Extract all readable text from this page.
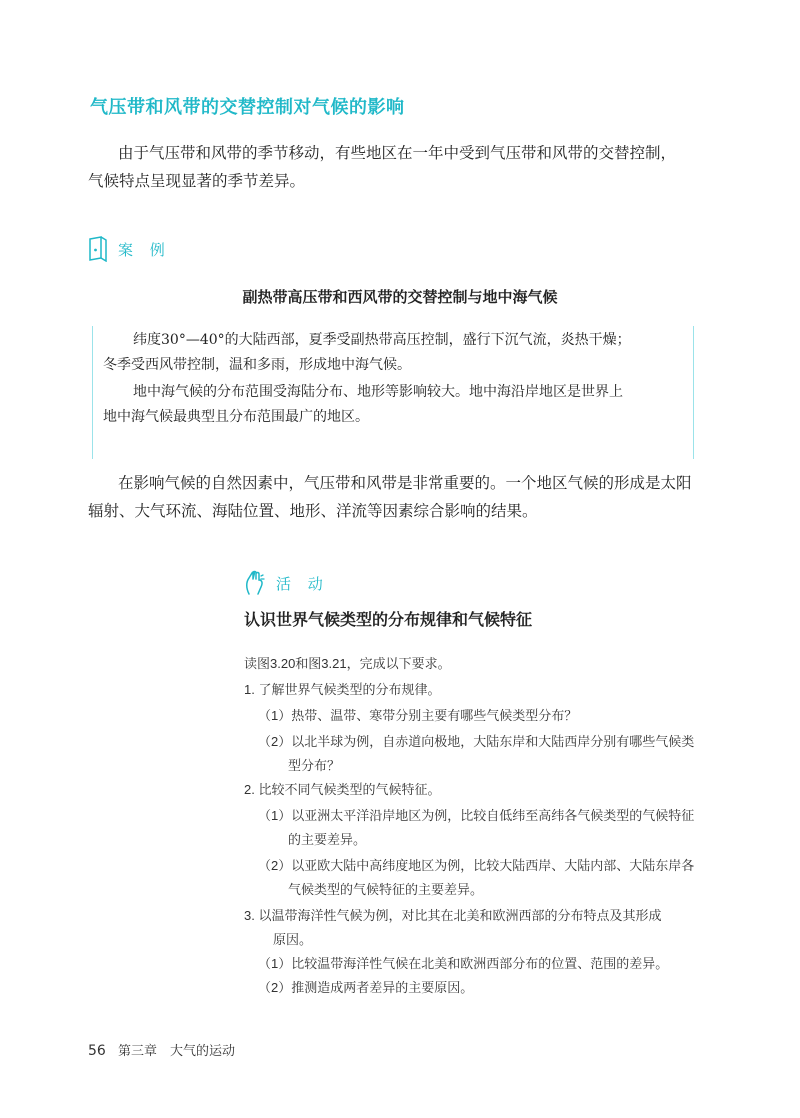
气压带和风带的交替控制对气候的影响
由于气压带和风带的季节移动，有些地区在一年中受到气压带和风带的交替控制，
气候特点呈现显著的季节差异。
案 例
副热带高压带和西风带的交替控制与地中海气候
纬度30°—40°的大陆西部，夏季受副热带高压控制，盛行下沉气流，炎热干燥；
冬季受西风带控制，温和多雨，形成地中海气候。
地中海气候的分布范围受海陆分布、地形等影响较大。地中海沿岸地区是世界上
地中海气候最典型且分布范围最广的地区。
在影响气候的自然因素中，气压带和风带是非常重要的。一个地区气候的形成是太阳
辐射、大气环流、海陆位置、地形、洋流等因素综合影响的结果。
活 动
认识世界气候类型的分布规律和气候特征
读图3.20和图3.21，完成以下要求。
1. 了解世界气候类型的分布规律。
（1）热带、温带、寒带分别主要有哪些气候类型分布？
（2）以北半球为例，自赤道向极地，大陆东岸和大陆西岸分别有哪些气候类
型分布？
2. 比较不同气候类型的气候特征。
（1）以亚洲太平洋沿岸地区为例，比较自低纬至高纬各气候类型的气候特征
的主要差异。
（2）以亚欧大陆中高纬度地区为例，比较大陆西岸、大陆内部、大陆东岸各
气候类型的气候特征的主要差异。
3. 以温带海洋性气候为例，对比其在北美和欧洲西部的分布特点及其形成
原因。
（1）比较温带海洋性气候在北美和欧洲西部分布的位置、范围的差异。
（2）推测造成两者差异的主要原因。
56 第三章　大气的运动
